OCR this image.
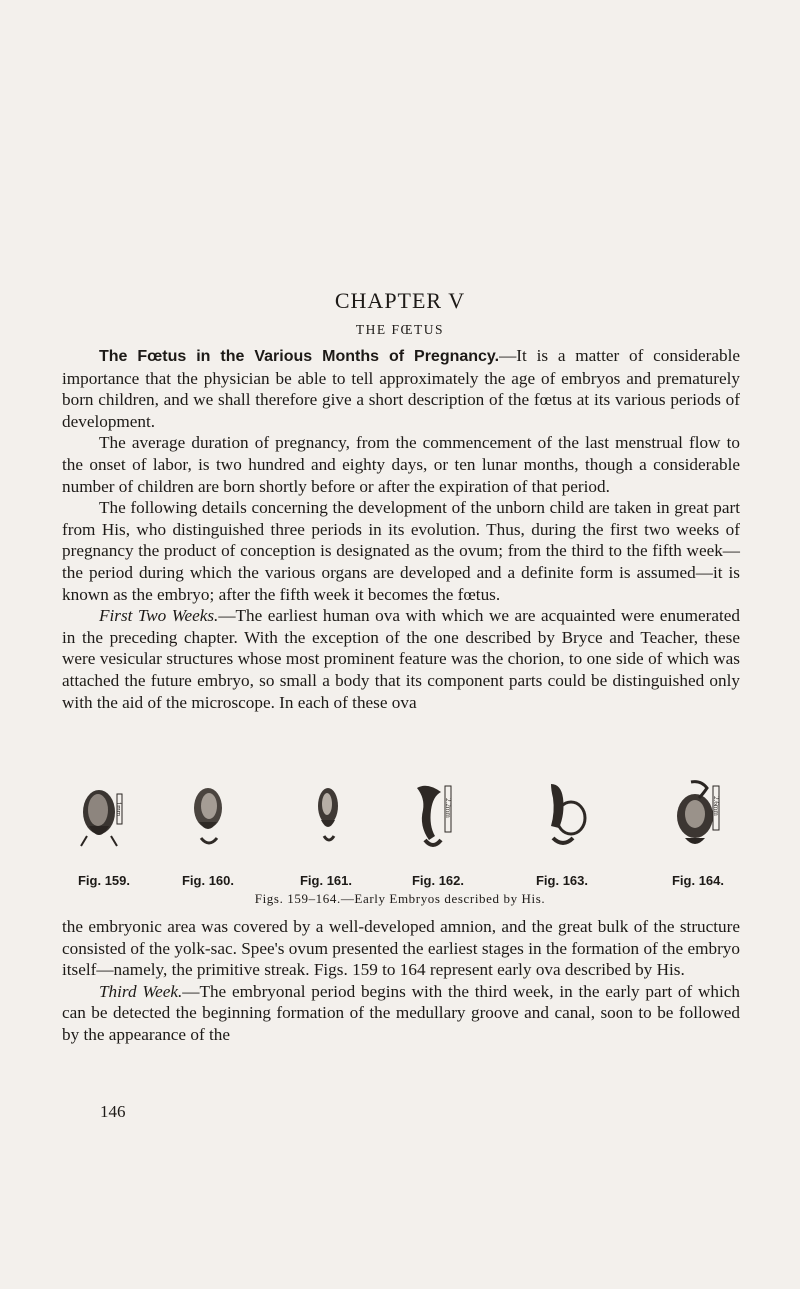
CHAPTER V
THE FŒTUS

The Fœtus in the Various Months of Pregnancy.—It is a matter of considerable importance that the physician be able to tell approximately the age of embryos and prematurely born children, and we shall therefore give a short description of the fœtus at its various periods of development.

The average duration of pregnancy, from the commencement of the last menstrual flow to the onset of labor, is two hundred and eighty days, or ten lunar months, though a considerable number of children are born shortly before or after the expiration of that period.

The following details concerning the development of the unborn child are taken in great part from His, who distinguished three periods in its evolution. Thus, during the first two weeks of pregnancy the product of conception is designated as the ovum; from the third to the fifth week—the period during which the various organs are developed and a definite form is assumed—it is known as the embryo; after the fifth week it becomes the fœtus.

First Two Weeks.—The earliest human ova with which we are acquainted were enumerated in the preceding chapter. With the exception of the one described by Bryce and Teacher, these were vesicular structures whose most prominent feature was the chorion, to one side of which was attached the future embryo, so small a body that its component parts could be distinguished only with the aid of the microscope. In each of these ova

1mm
Fig. 159.	Fig. 160.	Fig. 161.
2.2mm
Fig. 162.	Fig. 163.
2.6mm
Fig. 164.
Figs. 159–164.—Early Embryos described by His.

the embryonic area was covered by a well-developed amnion, and the great bulk of the structure consisted of the yolk-sac. Spee's ovum presented the earliest stages in the formation of the embryo itself—namely, the primitive streak. Figs. 159 to 164 represent early ova described by His.

Third Week.—The embryonal period begins with the third week, in the early part of which can be detected the beginning formation of the medullary groove and canal, soon to be followed by the appearance of the

146
